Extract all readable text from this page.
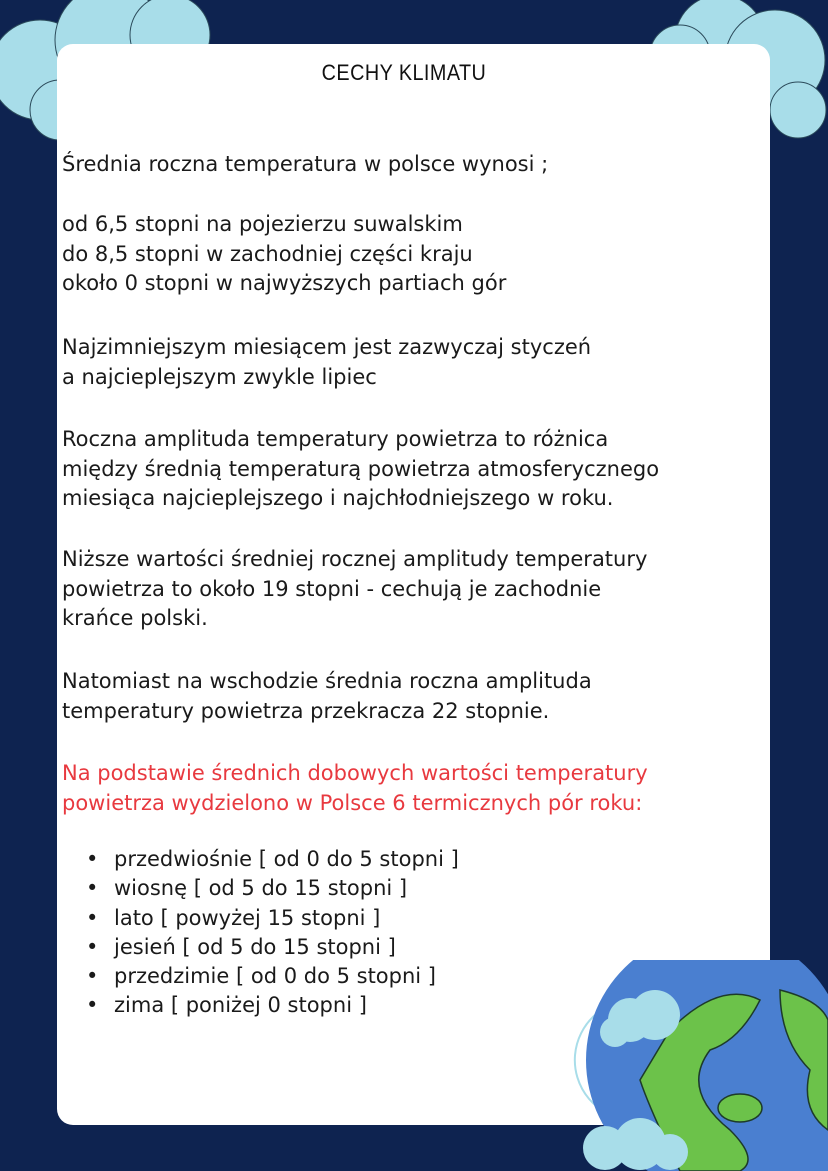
CECHY KLIMATU
Średnia roczna temperatura w polsce wynosi ;
od 6,5 stopni na pojezierzu suwalskim
do 8,5 stopni w zachodniej części kraju
około 0 stopni w najwyższych partiach gór
Najzimniejszym miesiącem jest zazwyczaj styczeń
a najcieplejszym zwykle lipiec
Roczna amplituda temperatury powietrza to różnica
między średnią temperaturą powietrza atmosferycznego
miesiąca najcieplejszego i najchłodniejszego w roku.
Niższe wartości średniej rocznej amplitudy temperatury
powietrza to około 19 stopni - cechują je zachodnie
krańce polski.
Natomiast na wschodzie średnia roczna amplituda
temperatury powietrza przekracza 22 stopnie.
Na podstawie średnich dobowych wartości temperatury
powietrza wydzielono w Polsce 6 termicznych pór roku:
• przedwiośnie [ od 0 do 5 stopni ]
• wiosnę [ od 5 do 15 stopni ]
• lato [ powyżej 15 stopni ]
• jesień [ od 5 do 15 stopni ]
• przedzimie [ od 0 do 5 stopni ]
• zima [ poniżej 0 stopni ]
